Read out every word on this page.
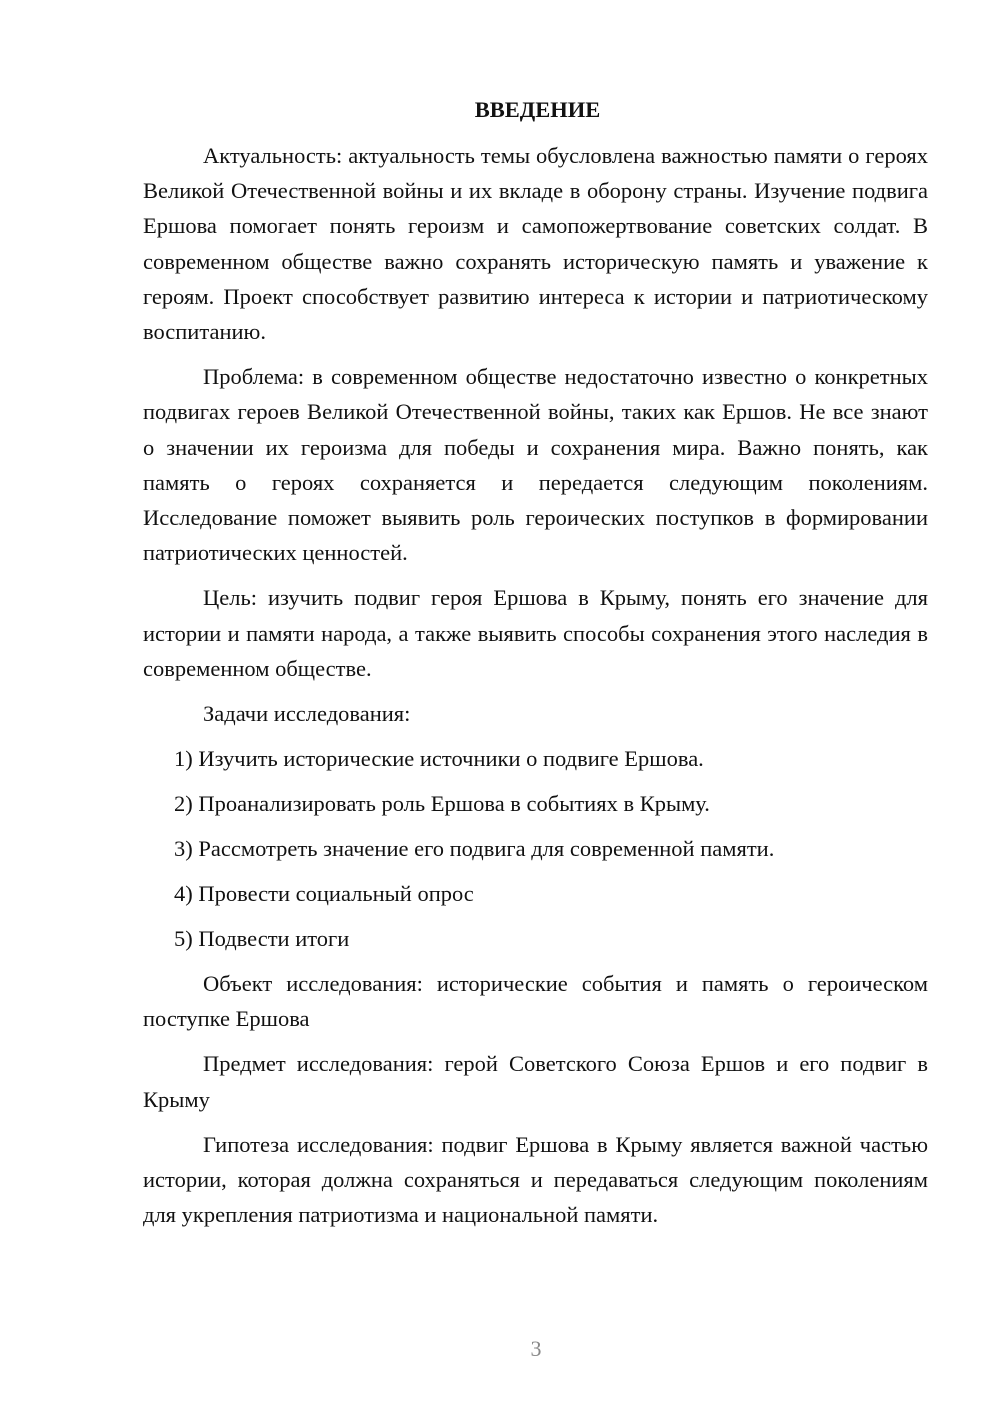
ВВЕДЕНИЕ

Актуальность: актуальность темы обусловлена важностью памяти о героях Великой Отечественной войны и их вкладе в оборону страны. Изучение подвига Ершова помогает понять героизм и самопожертвование советских солдат. В современном обществе важно сохранять историческую память и уважение к героям. Проект способствует развитию интереса к истории и патриотическому воспитанию.

Проблема: в современном обществе недостаточно известно о конкретных подвигах героев Великой Отечественной войны, таких как Ершов. Не все знают о значении их героизма для победы и сохранения мира. Важно понять, как память о героях сохраняется и передается следующим поколениям. Исследование поможет выявить роль героических поступков в формировании патриотических ценностей.

Цель: изучить подвиг героя Ершова в Крыму, понять его значение для истории и памяти народа, а также выявить способы сохранения этого наследия в современном обществе.

Задачи исследования:

1) Изучить исторические источники о подвиге Ершова.

2) Проанализировать роль Ершова в событиях в Крыму.

3) Рассмотреть значение его подвига для современной памяти.

4) Провести социальный опрос

5) Подвести итоги

Объект исследования: исторические события и память о героическом поступке Ершова

Предмет исследования: герой Советского Союза Ершов и его подвиг в Крыму

Гипотеза исследования: подвиг Ершова в Крыму является важной частью истории, которая должна сохраняться и передаваться следующим поколениям для укрепления патриотизма и национальной памяти.

3
